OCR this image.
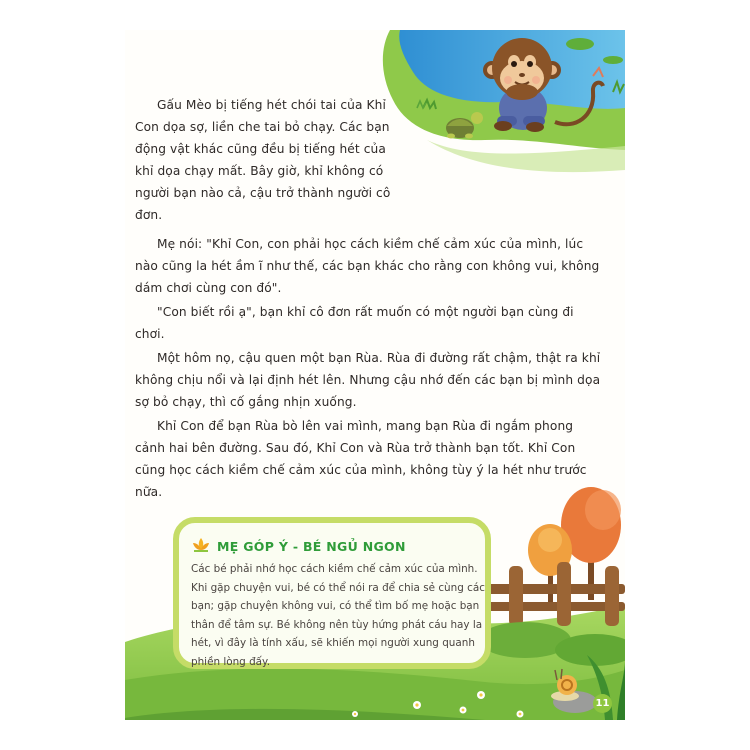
Gấu Mèo bị tiếng hét chói tai của Khỉ Con dọa sợ, liền che tai bỏ chạy. Các bạn động vật khác cũng đều bị tiếng hét của khỉ dọa chạy mất. Bây giờ, khỉ không có người bạn nào cả, cậu trở thành người cô đơn.

Mẹ nói: "Khỉ Con, con phải học cách kiềm chế cảm xúc của mình, lúc nào cũng la hét ầm ĩ như thế, các bạn khác cho rằng con không vui, không dám chơi cùng con đó".

"Con biết rồi ạ", bạn khỉ cô đơn rất muốn có một người bạn cùng đi chơi.

Một hôm nọ, cậu quen một bạn Rùa. Rùa đi đường rất chậm, thật ra khỉ không chịu nổi và lại định hét lên. Nhưng cậu nhớ đến các bạn bị mình dọa sợ bỏ chạy, thì cố gắng nhịn xuống.

Khỉ Con để bạn Rùa bò lên vai mình, mang bạn Rùa đi ngắm phong cảnh hai bên đường. Sau đó, Khỉ Con và Rùa trở thành bạn tốt. Khỉ Con cũng học cách kiềm chế cảm xúc của mình, không tùy ý la hét như trước nữa.

MẸ GÓP Ý - BÉ NGỦ NGON

Các bé phải nhớ học cách kiềm chế cảm xúc của mình. Khi gặp chuyện vui, bé có thể nói ra để chia sẻ cùng các bạn; gặp chuyện không vui, có thể tìm bố mẹ hoặc bạn thân để tâm sự. Bé không nên tùy hứng phát cáu hay la hét, vì đây là tính xấu, sẽ khiến mọi người xung quanh phiền lòng đấy.

11
